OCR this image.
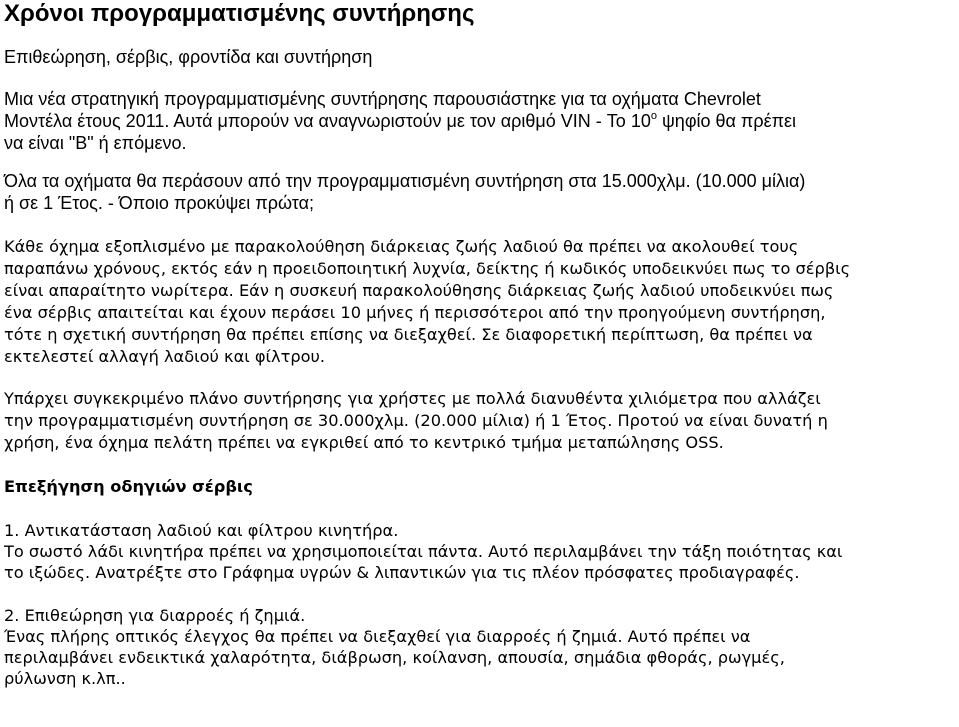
Χρόνοι προγραμματισμένης συντήρησης
Επιθεώρηση, σέρβις, φροντίδα και συντήρηση
Μια νέα στρατηγική προγραμματισμένης συντήρησης παρουσιάστηκε για τα οχήματα Chevrolet
Μοντέλα έτους 2011. Αυτά μπορούν να αναγνωριστούν με τον αριθμό VIN - Το $10^o$ ψηφίο θα πρέπει
να είναι "B" ή επόμενο.
Όλα τα οχήματα θα περάσουν από την προγραμματισμένη συντήρηση στα 15.000χλμ. (10.000 μίλια)
ή σε 1 Έτος. - Όποιο προκύψει πρώτα;
Κάθε όχημα εξοπλισμένο με παρακολούθηση διάρκειας ζωής λαδιού θα πρέπει να ακολουθεί τους
παραπάνω χρόνους, εκτός εάν η προειδοποιητική λυχνία, δείκτης ή κωδικός υποδεικνύει πως το σέρβις
είναι απαραίτητο νωρίτερα. Εάν η συσκευή παρακολούθησης διάρκειας ζωής λαδιού υποδεικνύει πως
ένα σέρβις απαιτείται και έχουν περάσει 10 μήνες ή περισσότεροι από την προηγούμενη συντήρηση,
τότε η σχετική συντήρηση θα πρέπει επίσης να διεξαχθεί. Σε διαφορετική περίπτωση, θα πρέπει να
εκτελεστεί αλλαγή λαδιού και φίλτρου.
Υπάρχει συγκεκριμένο πλάνο συντήρησης για χρήστες με πολλά διανυθέντα χιλιόμετρα που αλλάζει
την προγραμματισμένη συντήρηση σε 30.000χλμ. (20.000 μίλια) ή 1 Έτος. Προτού να είναι δυνατή η
χρήση, ένα όχημα πελάτη πρέπει να εγκριθεί από το κεντρικό τμήμα μεταπώλησης OSS.
Επεξήγηση οδηγιών σέρβις

1. Αντικατάσταση λαδιού και φίλτρου κινητήρα.

Το σωστό λάδι κινητήρα πρέπει να χρησιμοποιείται πάντα. Αυτό περιλαμβάνει την τάξη ποιότητας και

το ιξώδες. Ανατρέξτε στο Γράφημα υγρών & λιπαντικών για τις πλέον πρόσφατες προδιαγραφές.

2. Επιθεώρηση για διαρροές ή ζημιά.

Ένας πλήρης οπτικός έλεγχος θα πρέπει να διεξαχθεί για διαρροές ή ζημιά. Αυτό πρέπει να

περιλαμβάνει ενδεικτικά χαλαρότητα, διάβρωση, κοίλανση, απουσία, σημάδια φθοράς, ρωγμές,

ρύλωνση κ.λπ..
